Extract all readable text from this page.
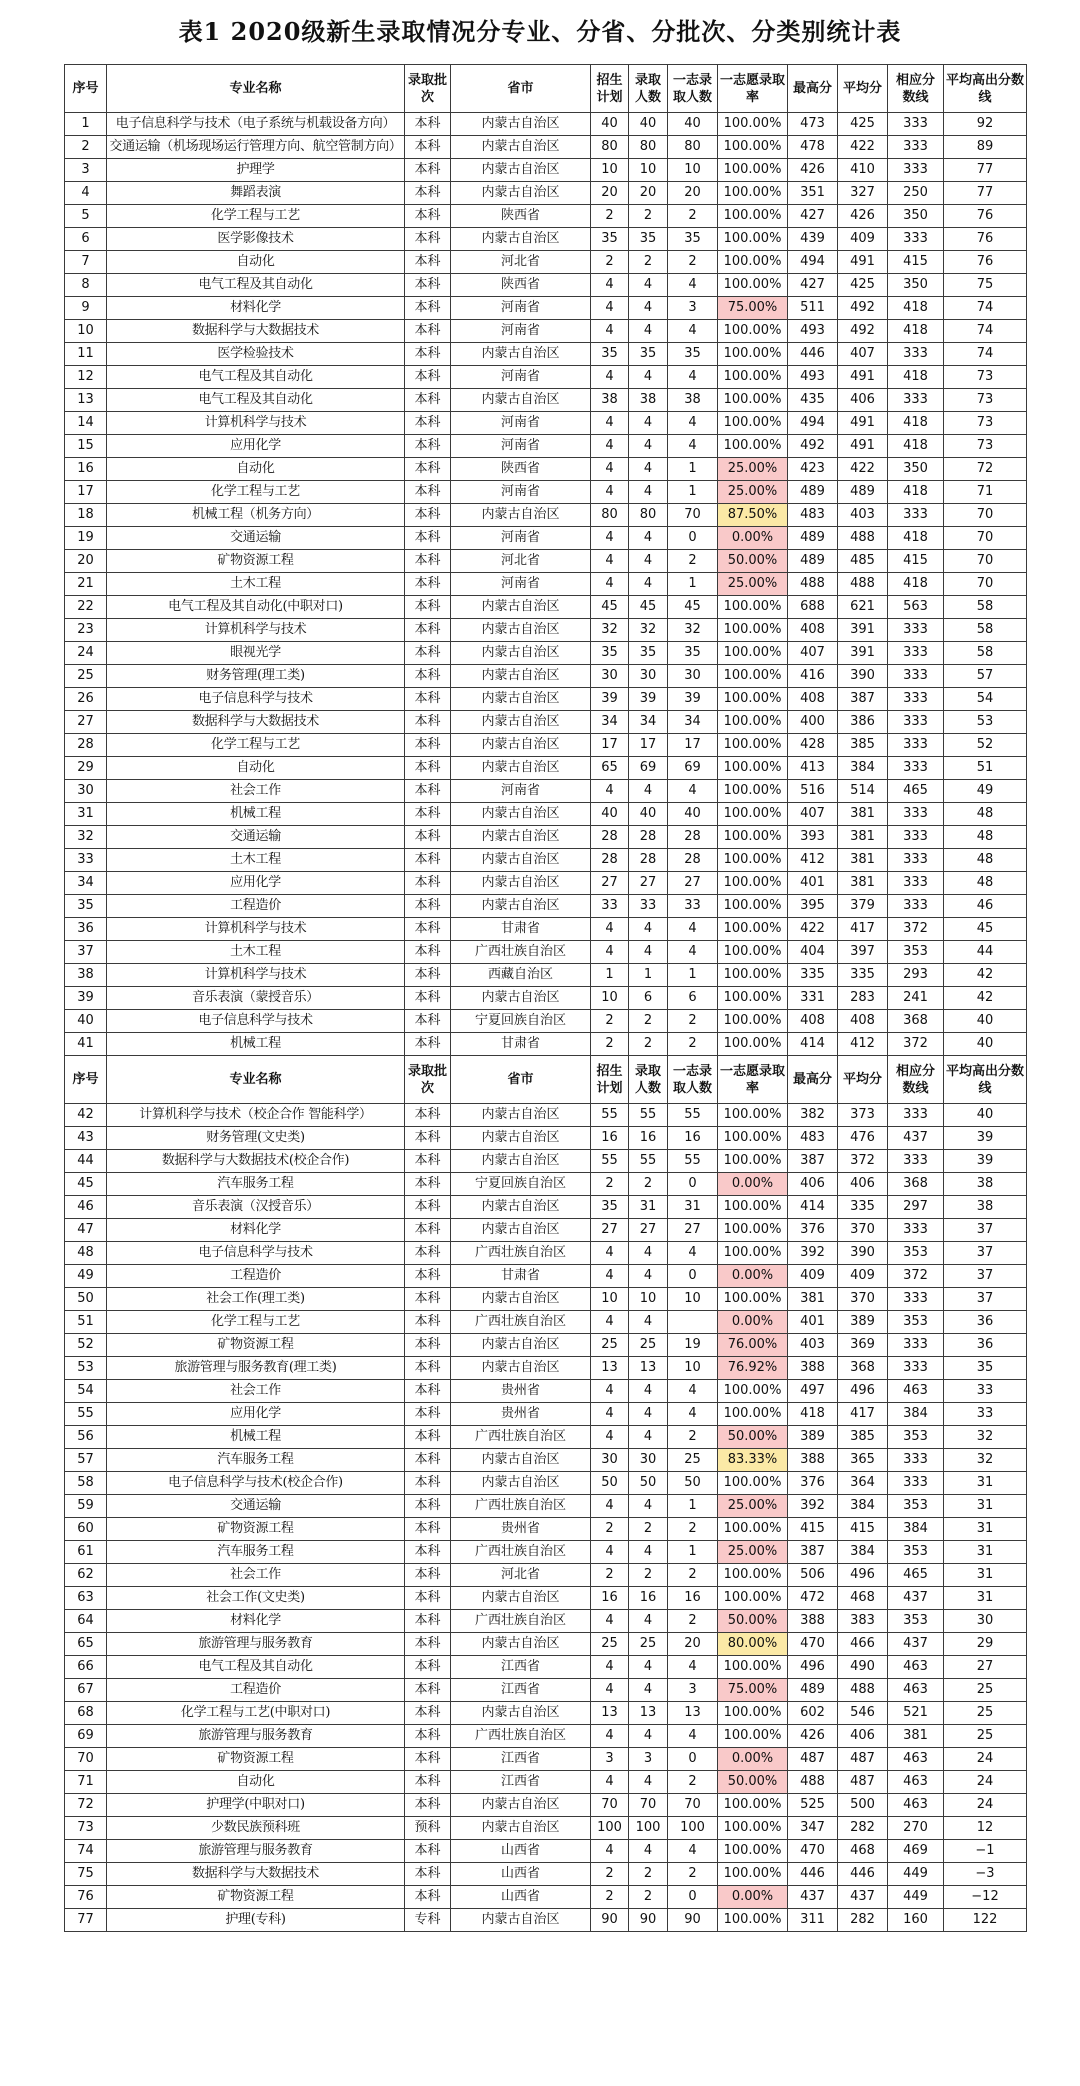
表1 2020级新生录取情况分专业、分省、分批次、分类别统计表
序号	专业名称	录取批次	省市	招生计划	录取人数	一志录取人数	一志愿录取率	最高分	平均分	相应分数线	平均高出分数线
1	电子信息科学与技术（电子系统与机载设备方向）	本科	内蒙古自治区	40	40	40	100.00%	473	425	333	92
2	交通运输（机场现场运行管理方向、航空管制方向）	本科	内蒙古自治区	80	80	80	100.00%	478	422	333	89
3	护理学	本科	内蒙古自治区	10	10	10	100.00%	426	410	333	77
4	舞蹈表演	本科	内蒙古自治区	20	20	20	100.00%	351	327	250	77
5	化学工程与工艺	本科	陕西省	2	2	2	100.00%	427	426	350	76
6	医学影像技术	本科	内蒙古自治区	35	35	35	100.00%	439	409	333	76
7	自动化	本科	河北省	2	2	2	100.00%	494	491	415	76
8	电气工程及其自动化	本科	陕西省	4	4	4	100.00%	427	425	350	75
9	材料化学	本科	河南省	4	4	3	75.00%	511	492	418	74
10	数据科学与大数据技术	本科	河南省	4	4	4	100.00%	493	492	418	74
11	医学检验技术	本科	内蒙古自治区	35	35	35	100.00%	446	407	333	74
12	电气工程及其自动化	本科	河南省	4	4	4	100.00%	493	491	418	73
13	电气工程及其自动化	本科	内蒙古自治区	38	38	38	100.00%	435	406	333	73
14	计算机科学与技术	本科	河南省	4	4	4	100.00%	494	491	418	73
15	应用化学	本科	河南省	4	4	4	100.00%	492	491	418	73
16	自动化	本科	陕西省	4	4	1	25.00%	423	422	350	72
17	化学工程与工艺	本科	河南省	4	4	1	25.00%	489	489	418	71
18	机械工程（机务方向）	本科	内蒙古自治区	80	80	70	87.50%	483	403	333	70
19	交通运输	本科	河南省	4	4	0	0.00%	489	488	418	70
20	矿物资源工程	本科	河北省	4	4	2	50.00%	489	485	415	70
21	土木工程	本科	河南省	4	4	1	25.00%	488	488	418	70
22	电气工程及其自动化(中职对口)	本科	内蒙古自治区	45	45	45	100.00%	688	621	563	58
23	计算机科学与技术	本科	内蒙古自治区	32	32	32	100.00%	408	391	333	58
24	眼视光学	本科	内蒙古自治区	35	35	35	100.00%	407	391	333	58
25	财务管理(理工类)	本科	内蒙古自治区	30	30	30	100.00%	416	390	333	57
26	电子信息科学与技术	本科	内蒙古自治区	39	39	39	100.00%	408	387	333	54
27	数据科学与大数据技术	本科	内蒙古自治区	34	34	34	100.00%	400	386	333	53
28	化学工程与工艺	本科	内蒙古自治区	17	17	17	100.00%	428	385	333	52
29	自动化	本科	内蒙古自治区	65	69	69	100.00%	413	384	333	51
30	社会工作	本科	河南省	4	4	4	100.00%	516	514	465	49
31	机械工程	本科	内蒙古自治区	40	40	40	100.00%	407	381	333	48
32	交通运输	本科	内蒙古自治区	28	28	28	100.00%	393	381	333	48
33	土木工程	本科	内蒙古自治区	28	28	28	100.00%	412	381	333	48
34	应用化学	本科	内蒙古自治区	27	27	27	100.00%	401	381	333	48
35	工程造价	本科	内蒙古自治区	33	33	33	100.00%	395	379	333	46
36	计算机科学与技术	本科	甘肃省	4	4	4	100.00%	422	417	372	45
37	土木工程	本科	广西壮族自治区	4	4	4	100.00%	404	397	353	44
38	计算机科学与技术	本科	西藏自治区	1	1	1	100.00%	335	335	293	42
39	音乐表演（蒙授音乐）	本科	内蒙古自治区	10	6	6	100.00%	331	283	241	42
40	电子信息科学与技术	本科	宁夏回族自治区	2	2	2	100.00%	408	408	368	40
41	机械工程	本科	甘肃省	2	2	2	100.00%	414	412	372	40
序号	专业名称	录取批次	省市	招生计划	录取人数	一志录取人数	一志愿录取率	最高分	平均分	相应分数线	平均高出分数线
42	计算机科学与技术（校企合作 智能科学）	本科	内蒙古自治区	55	55	55	100.00%	382	373	333	40
43	财务管理(文史类)	本科	内蒙古自治区	16	16	16	100.00%	483	476	437	39
44	数据科学与大数据技术(校企合作)	本科	内蒙古自治区	55	55	55	100.00%	387	372	333	39
45	汽车服务工程	本科	宁夏回族自治区	2	2	0	0.00%	406	406	368	38
46	音乐表演（汉授音乐）	本科	内蒙古自治区	35	31	31	100.00%	414	335	297	38
47	材料化学	本科	内蒙古自治区	27	27	27	100.00%	376	370	333	37
48	电子信息科学与技术	本科	广西壮族自治区	4	4	4	100.00%	392	390	353	37
49	工程造价	本科	甘肃省	4	4	0	0.00%	409	409	372	37
50	社会工作(理工类)	本科	内蒙古自治区	10	10	10	100.00%	381	370	333	37
51	化学工程与工艺	本科	广西壮族自治区	4	4		0.00%	401	389	353	36
52	矿物资源工程	本科	内蒙古自治区	25	25	19	76.00%	403	369	333	36
53	旅游管理与服务教育(理工类)	本科	内蒙古自治区	13	13	10	76.92%	388	368	333	35
54	社会工作	本科	贵州省	4	4	4	100.00%	497	496	463	33
55	应用化学	本科	贵州省	4	4	4	100.00%	418	417	384	33
56	机械工程	本科	广西壮族自治区	4	4	2	50.00%	389	385	353	32
57	汽车服务工程	本科	内蒙古自治区	30	30	25	83.33%	388	365	333	32
58	电子信息科学与技术(校企合作)	本科	内蒙古自治区	50	50	50	100.00%	376	364	333	31
59	交通运输	本科	广西壮族自治区	4	4	1	25.00%	392	384	353	31
60	矿物资源工程	本科	贵州省	2	2	2	100.00%	415	415	384	31
61	汽车服务工程	本科	广西壮族自治区	4	4	1	25.00%	387	384	353	31
62	社会工作	本科	河北省	2	2	2	100.00%	506	496	465	31
63	社会工作(文史类)	本科	内蒙古自治区	16	16	16	100.00%	472	468	437	31
64	材料化学	本科	广西壮族自治区	4	4	2	50.00%	388	383	353	30
65	旅游管理与服务教育	本科	内蒙古自治区	25	25	20	80.00%	470	466	437	29
66	电气工程及其自动化	本科	江西省	4	4	4	100.00%	496	490	463	27
67	工程造价	本科	江西省	4	4	3	75.00%	489	488	463	25
68	化学工程与工艺(中职对口)	本科	内蒙古自治区	13	13	13	100.00%	602	546	521	25
69	旅游管理与服务教育	本科	广西壮族自治区	4	4	4	100.00%	426	406	381	25
70	矿物资源工程	本科	江西省	3	3	0	0.00%	487	487	463	24
71	自动化	本科	江西省	4	4	2	50.00%	488	487	463	24
72	护理学(中职对口)	本科	内蒙古自治区	70	70	70	100.00%	525	500	463	24
73	少数民族预科班	预科	内蒙古自治区	100	100	100	100.00%	347	282	270	12
74	旅游管理与服务教育	本科	山西省	4	4	4	100.00%	470	468	469	−1
75	数据科学与大数据技术	本科	山西省	2	2	2	100.00%	446	446	449	−3
76	矿物资源工程	本科	山西省	2	2	0	0.00%	437	437	449	−12
77	护理(专科)	专科	内蒙古自治区	90	90	90	100.00%	311	282	160	122
